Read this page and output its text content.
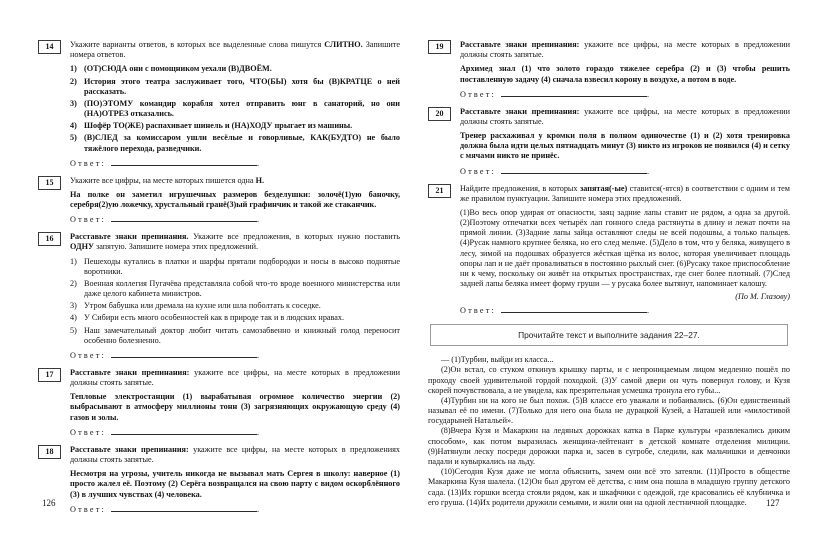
14	Укажите варианты ответов, в которых все выделенные слова пишутся СЛИТНО. Запишите номера ответов.

1) (ОТ)СЮДА они с помощником уехали (В)ДВОЁМ.
2) История этого театра заслуживает того, ЧТО(БЫ) хотя бы (В)КРАТЦЕ о ней рассказать.
3) (ПО)ЭТОМУ командир корабля хотел отправить юнг в санаторий, но они (НА)ОТРЕЗ отказались.
4) Шофёр ТО(ЖЕ) распахивает шинель и (НА)ХОДУ прыгает из машины.
5) (В)СЛЕД за комиссаром ушли весёлые и говорливые, КАК(БУДТО) не было тяжёлого перехода, разведчики.

Ответ:	.

15	Укажите все цифры, на месте которых пишется одна Н.

На полке он заметил игрушечных размеров безделушки: золочё(1)ую баночку, серебря(2)ую ложечку, хрустальный гранё(3)ый графинчик и такой же стаканчик.

Ответ:	.

16	Расставьте знаки препинания. Укажите все предложения, в которых нужно поставить ОДНУ запятую. Запишите номера этих предложений.

1) Пешеходы кутались в платки и шарфы прятали подбородки и носы в высоко поднятые воротники.
2) Военная коллегия Пугачёва представляла собой что-то вроде военного министерства или даже целого кабинета министров.
3) Утром бабушка или дремала на кухне или шла поболтать к соседке.
4) У Сибири есть много особенностей как в природе так и в людских нравах.
5) Наш замечательный доктор любит читать самозабвенно и книжный голод переносит особенно болезненно.

Ответ:	.

17	Расставьте знаки препинания: укажите все цифры, на месте которых в предложении должны стоять запятые.

Тепловые электростанции (1) вырабатывая огромное количество энергии (2) выбрасывают в атмосферу миллионы тонн (3) загрязняющих окружающую среду (4) газов и золы.

Ответ:	.

18	Расставьте знаки препинания: укажите все цифры, на месте которых в предложениях должны стоять запятые.

Несмотря на угрозы, учитель никогда не вызывал мать Сергея в школу: наверное (1) просто жалел её. Поэтому (2) Серёга возвращался на свою парту с видом оскорблённого (3) в лучших чувствах (4) человека.

Ответ:	.

19	Расставьте знаки препинания: укажите все цифры, на месте которых в предложении должны стоять запятые.

Архимед знал (1) что золото гораздо тяжелее серебра (2) и (3) чтобы решить поставленную задачу (4) сначала взвесил корону в воздухе, а потом в воде.

Ответ:	.

20	Расставьте знаки препинания: укажите все цифры, на месте которых в предложении должны стоять запятые.

Тренер расхаживал у кромки поля в полном одиночестве (1) и (2) хотя тренировка должна была идти целых пятнадцать минут (3) никто из игроков не появился (4) и сетку с мячами никто не принёс.

Ответ:	.

21	Найдите предложения, в которых запятая(-ые) ставится(-ятся) в соответствии с одним и тем же правилом пунктуации. Запишите номера этих предложений.

(1)Во весь опор удирая от опасности, заяц задние лапы ставит не рядом, а одна за другой. (2)Поэтому отпечатки всех четырёх лап гонного следа растянуты в длину и лежат почти на прямой линии. (3)Задние лапы зайца оставляют следы не всей подошвы, а только пальцев. (4)Русак намного крупнее беляка, но его след мельче. (5)Дело в том, что у беляка, живущего в лесу, зимой на подошвах образуется жёсткая щётка из волос, которая увеличивает площадь опоры лап и не даёт проваливаться в постоянно рыхлый снег. (6)Русаку такое приспособление ни к чему, поскольку он живёт на открытых пространствах, где снег более плотный. (7)След задней лапы беляка имеет форму груши — у русака более вытянут, напоминает калошу.

(По М. Глазову)

Ответ:	.

Прочитайте текст и выполните задания 22–27.

— (1)Турбин, выйди из класса...

(2)Он встал, со стуком откинув крышку парты, и с непроницаемым лицом медленно пошёл по проходу своей удивительной гордой походкой. (3)У самой двери он чуть повернул голову, и Кузя скорей почувствовала, а не увидела, как презрительная усмешка тронула его губы...

(4)Турбин ни на кого не был похож. (5)В классе его уважали и побаивались. (6)Он единственный называл её по имени. (7)Только для него она была не дурацкой Кузей, а Наташей или «милостивой государыней Натальей».

(8)Вчера Кузя и Макаркин на ледяных дорожках катка в Парке культуры «развлекались диким способом», как потом выразилась женщина-лейтенант в детской комнате отделения милиции. (9)Натянули леску посреди дорожки парка и, засев в сугробе, следили, как мальчишки и девчонки падали и кувыркались на льду.

(10)Сегодня Кузя даже не могла объяснить, зачем они всё это затеяли. (11)Просто в обществе Макаркина Кузя шалела. (12)Он был другом её детства, с ним она пошла в младшую группу детского сада. (13)Их горшки всегда стояли рядом, как и шкафчики с одеждой, где красовались её клубничка и его груша. (14)Их родители дружили семьями, и жили они на одной лестничной площадке.

126	127
